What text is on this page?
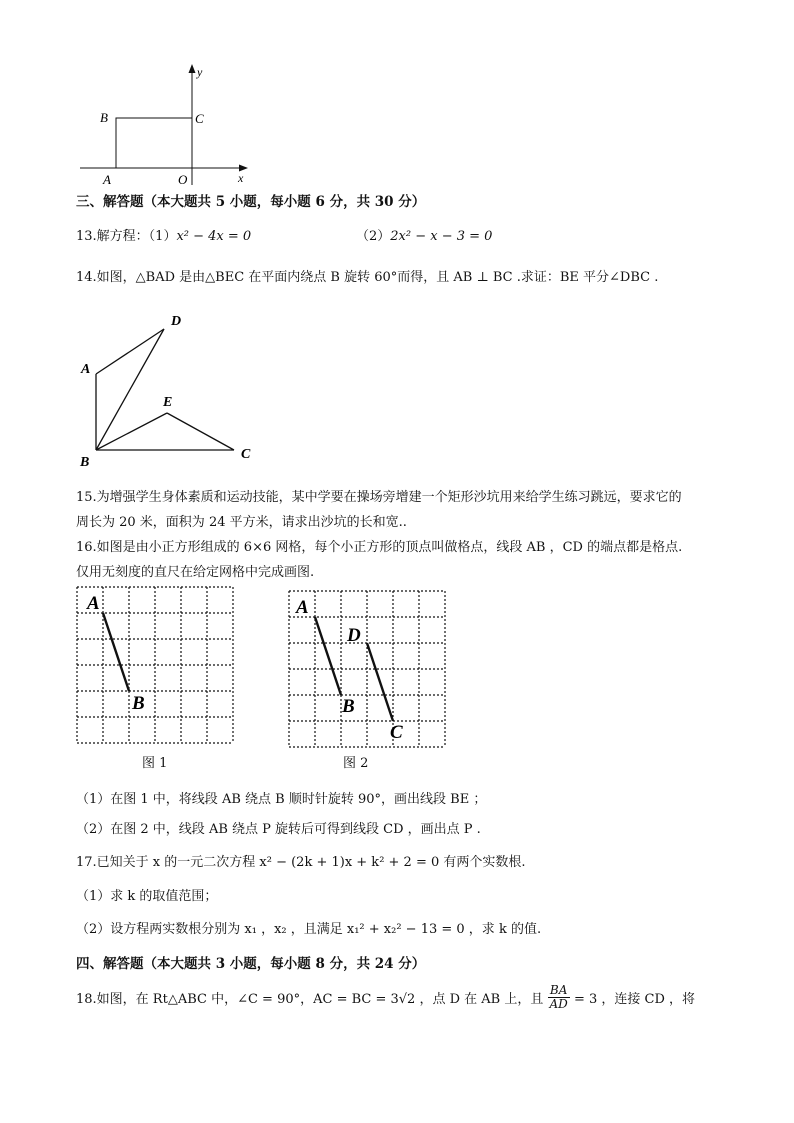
y
x
B	C
A	O
三、解答题（本大题共 5 小题，每小题 6 分，共 30 分）
13.解方程：（1）x² − 4x = 0	（2）2x² − x − 3 = 0
14.如图，△BAD 是由△BEC 在平面内绕点 B 旋转 60°而得，且 AB ⊥ BC .求证：BE 平分∠DBC .
D
A
E
B
C
15.为增强学生身体素质和运动技能，某中学要在操场旁增建一个矩形沙坑用来给学生练习跳远，要求它的
周长为 20 米，面积为 24 平方米，请求出沙坑的长和宽..
16.如图是由小正方形组成的 6×6 网格，每个小正方形的顶点叫做格点，线段 AB ，CD 的端点都是格点.
仅用无刻度的直尺在给定网格中完成画图.
A
B
图 1
A
D
B
C
图 2
（1）在图 1 中，将线段 AB 绕点 B 顺时针旋转 90°，画出线段 BE ；
（2）在图 2 中，线段 AB 绕点 P 旋转后可得到线段 CD ，画出点 P .
17.已知关于 x 的一元二次方程 x² − (2k + 1)x + k² + 2 = 0 有两个实数根.
（1）求 k 的取值范围；
（2）设方程两实数根分别为 x₁ ，x₂ ，且满足 x₁² + x₂² − 13 = 0 ，求 k 的值.
四、解答题（本大题共 3 小题，每小题 8 分，共 24 分）
18.如图，在 Rt△ABC 中，∠C = 90°，AC = BC = 3√2 ，点 D 在 AB 上，且 $\frac{BA}{AD} = 3$ ，连接 CD ，将
